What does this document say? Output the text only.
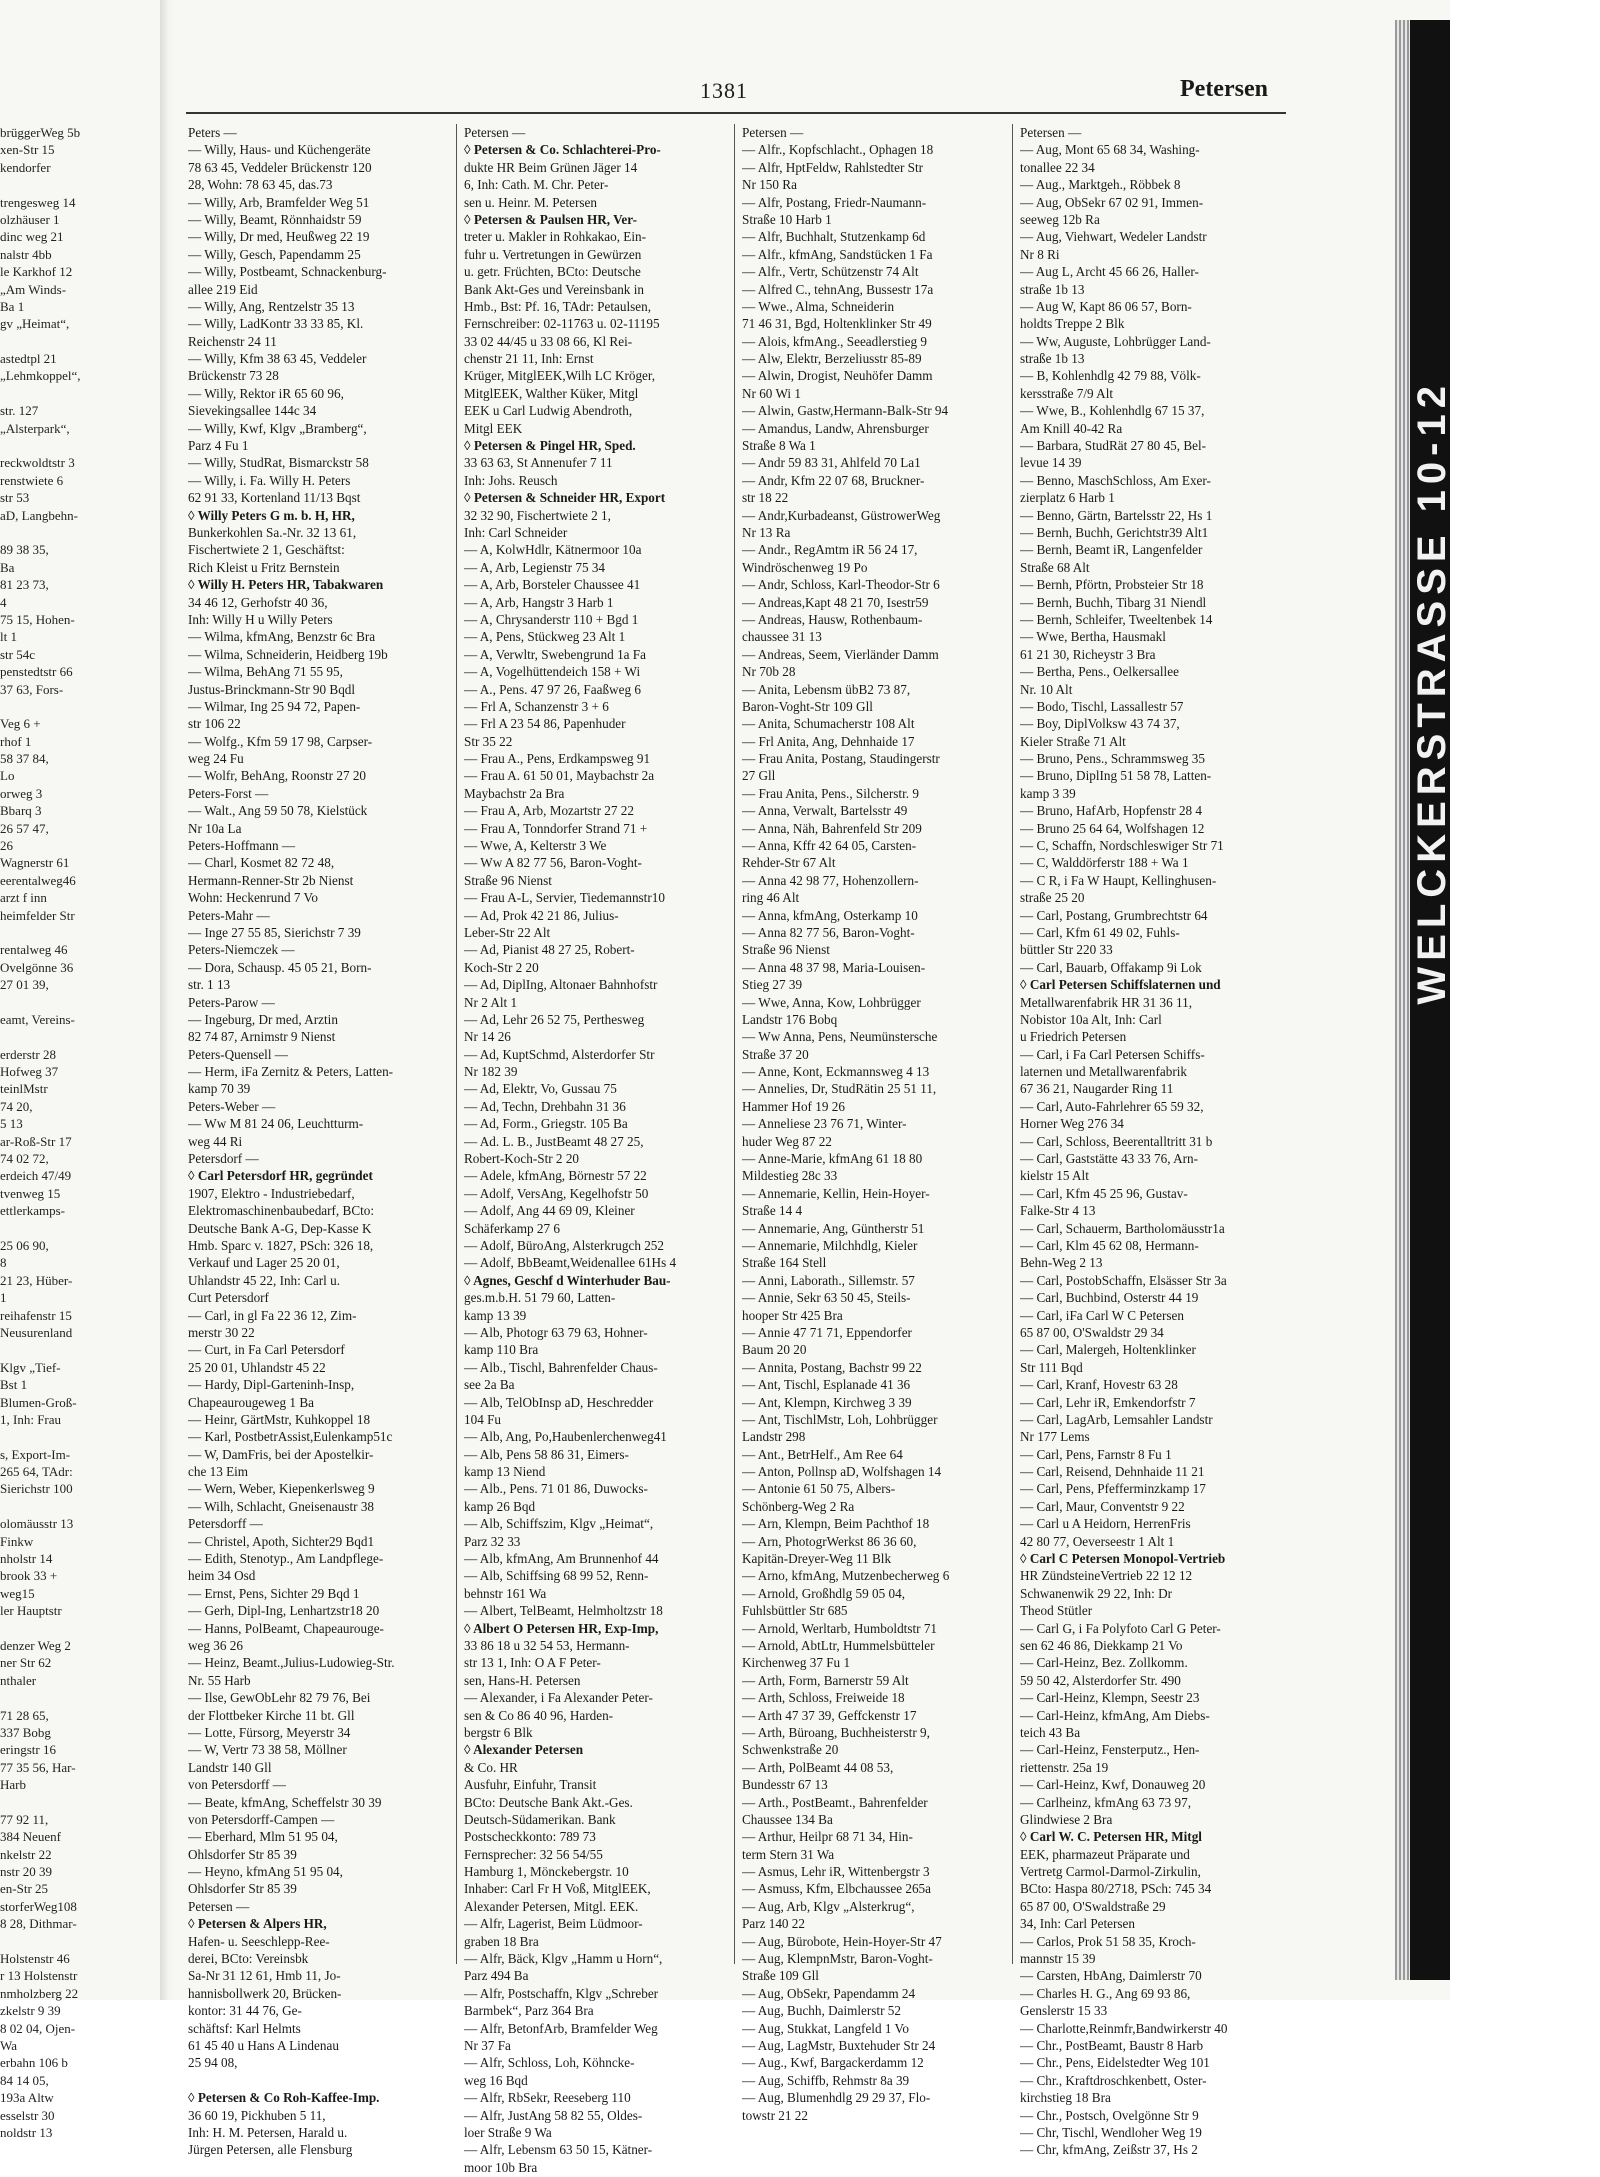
brüggerWeg 5b
xen-Str 15
kendorfer
trengesweg 14
olzhäuser 1
dinc weg 21
nalstr 4bb
le Karkhof 12
„Am Winds-
Ba 1
gv „Heimat“,
astedtpl 21
„Lehmkoppel“,
str. 127
„Alsterpark“,
reckwoldtstr 3
renstwiete 6
str 53
aD, Langbehn-
89 38 35,
Ba
81 23 73,
4
75 15, Hohen-
lt 1
str 54c
penstedtstr 66
37 63, Fors-
Veg 6 +
rhof 1
58 37 84,
Lo
orweg 3
Bbarq 3
26 57 47,
26
Wagnerstr 61
eerentalweg46
arzt f inn
heimfelder Str
rentalweg 46
Ovelgönne 36
27 01 39,
eamt, Vereins-
erderstr 28
Hofweg 37
teinlMstr
74 20,
5 13
ar-Roß-Str 17
74 02 72,
erdeich 47/49
tvenweg 15
ettlerkamps-
25 06 90,
8
21 23, Hüber-
1
reihafenstr 15
Neusurenland
Klgv „Tief-
Bst 1
Blumen-Groß-
1, Inh: Frau
s, Export-Im-
265 64, TAdr:
Sierichstr 100
olomäusstr 13
Finkw
nholstr 14
brook 33 +
weg15
ler Hauptstr
denzer Weg 2
ner Str 62
nthaler
71 28 65,
337 Bobg
eringstr 16
77 35 56, Har-
Harb
77 92 11,
384 Neuenf
nkelstr 22
nstr 20 39
en-Str 25
storferWeg108
8 28, Dithmar-
Holstenstr 46
r 13 Holstenstr
nmholzberg 22
zkelstr 9 39
8 02 04, Ojen-
Wa
erbahn 106 b
84 14 05,
193a Altw
esselstr 30
noldstr 13
1381	Petersen
Peters —
— Willy, Haus- und Küchengeräte
78 63 45, Veddeler Brückenstr 120
28, Wohn: 78 63 45, das.73
— Willy, Arb, Bramfelder Weg 51
— Willy, Beamt, Rönnhaidstr 59
— Willy, Dr med, Heußweg 22 19
— Willy, Gesch, Papendamm 25
— Willy, Postbeamt, Schnackenburg-
allee 219 Eid
— Willy, Ang, Rentzelstr 35 13
— Willy, LadKontr 33 33 85, Kl.
Reichenstr 24 11
— Willy, Kfm 38 63 45, Veddeler
Brückenstr 73 28
— Willy, Rektor iR 65 60 96,
Sievekingsallee 144c 34
— Willy, Kwf, Klgv „Bramberg“,
Parz 4 Fu 1
— Willy, StudRat, Bismarckstr 58
— Willy, i. Fa. Willy H. Peters
62 91 33, Kortenland 11/13 Bqst
◊ Willy Peters G m. b. H, HR,
Bunkerkohlen Sa.-Nr. 32 13 61,
Fischertwiete 2 1, Geschäftst:
Rich Kleist u Fritz Bernstein
◊ Willy H. Peters HR, Tabakwaren
34 46 12, Gerhofstr 40 36,
Inh: Willy H u Willy Peters
— Wilma, kfmAng, Benzstr 6c Bra
— Wilma, Schneiderin, Heidberg 19b
— Wilma, BehAng 71 55 95,
Justus-Brinckmann-Str 90 Bqdl
— Wilmar, Ing 25 94 72, Papen-
str 106 22
— Wolfg., Kfm 59 17 98, Carpser-
weg 24 Fu
— Wolfr, BehAng, Roonstr 27 20
Peters-Forst —
— Walt., Ang 59 50 78, Kielstück
Nr 10a La
Peters-Hoffmann —
— Charl, Kosmet 82 72 48,
Hermann-Renner-Str 2b Nienst
Wohn: Heckenrund 7 Vo
Peters-Mahr —
— Inge 27 55 85, Sierichstr 7 39
Peters-Niemczek —
— Dora, Schausp. 45 05 21, Born-
str. 1 13
Peters-Parow —
— Ingeburg, Dr med, Arztin
82 74 87, Arnimstr 9 Nienst
Peters-Quensell —
— Herm, iFa Zernitz & Peters, Latten-
kamp 70 39
Peters-Weber —
— Ww M 81 24 06, Leuchtturm-
weg 44 Ri
Petersdorf —
◊ Carl Petersdorf HR, gegründet
1907, Elektro - Industriebedarf,
Elektromaschinenbaubedarf, BCto:
Deutsche Bank A-G, Dep-Kasse K
Hmb. Sparc v. 1827, PSch: 326 18,
Verkauf und Lager 25 20 01,
Uhlandstr 45 22, Inh: Carl u.
Curt Petersdorf
— Carl, in gl Fa 22 36 12, Zim-
merstr 30 22
— Curt, in Fa Carl Petersdorf
25 20 01, Uhlandstr 45 22
— Hardy, Dipl-Garteninh-Insp,
Chapeaurougeweg 1 Ba
— Heinr, GärtMstr, Kuhkoppel 18
— Karl, PostbetrAssist,Eulenkamp51c
— W, DamFris, bei der Apostelkir-
che 13 Eim
— Wern, Weber, Kiepenkerlsweg 9
— Wilh, Schlacht, Gneisenaustr 38
Petersdorff —
— Christel, Apoth, Sichter29 Bqd1
— Edith, Stenotyp., Am Landpflege-
heim 34 Osd
— Ernst, Pens, Sichter 29 Bqd 1
— Gerh, Dipl-Ing, Lenhartzstr18 20
— Hanns, PolBeamt, Chapeaurouge-
weg 36 26
— Heinz, Beamt.,Julius-Ludowieg-Str.
Nr. 55 Harb
— Ilse, GewObLehr 82 79 76, Bei
der Flottbeker Kirche 11 bt. Gll
— Lotte, Fürsorg, Meyerstr 34
— W, Vertr 73 38 58, Möllner
Landstr 140 Gll
von Petersdorff —
— Beate, kfmAng, Scheffelstr 30 39
von Petersdorff-Campen —
— Eberhard, Mlm 51 95 04,
Ohlsdorfer Str 85 39
— Heyno, kfmAng 51 95 04,
Ohlsdorfer Str 85 39
Petersen —
◊ Petersen & Alpers HR,
Hafen- u. Seeschlepp-Ree-
derei, BCto: Vereinsbk
Sa-Nr 31 12 61, Hmb 11, Jo-
hannisbollwerk 20, Brücken-
kontor: 31 44 76, Ge-
schäftsf: Karl Helmts
61 45 40 u Hans A Lindenau
25 94 08,
◊ Petersen & Co Roh-Kaffee-Imp.
36 60 19, Pickhuben 5 11,
Inh: H. M. Petersen, Harald u.
Jürgen Petersen, alle Flensburg
Petersen —
◊ Petersen & Co. Schlachterei-Pro-
dukte HR Beim Grünen Jäger 14
6, Inh: Cath. M. Chr. Peter-
sen u. Heinr. M. Petersen
◊ Petersen & Paulsen HR, Ver-
treter u. Makler in Rohkakao, Ein-
fuhr u. Vertretungen in Gewürzen
u. getr. Früchten, BCto: Deutsche
Bank Akt-Ges und Vereinsbank in
Hmb., Bst: Pf. 16, TAdr: Petaulsen,
Fernschreiber: 02-11763 u. 02-11195
33 02 44/45 u 33 08 66, Kl Rei-
chenstr 21 11, Inh: Ernst
Krüger, MitglEEK,Wilh LC Kröger,
MitglEEK, Walther Küker, Mitgl
EEK u Carl Ludwig Abendroth,
Mitgl EEK
◊ Petersen & Pingel HR, Sped.
33 63 63, St Annenufer 7 11
Inh: Johs. Reusch
◊ Petersen & Schneider HR, Export
32 32 90, Fischertwiete 2 1,
Inh: Carl Schneider
— A, KolwHdlr, Kätnermoor 10a
— A, Arb, Legienstr 75 34
— A, Arb, Borsteler Chaussee 41
— A, Arb, Hangstr 3 Harb 1
— A, Chrysanderstr 110 + Bgd 1
— A, Pens, Stückweg 23 Alt 1
— A, Verwltr, Swebengrund 1a Fa
— A, Vogelhüttendeich 158 + Wi
— A., Pens. 47 97 26, Faaßweg 6
— Frl A, Schanzenstr 3 + 6
— Frl A 23 54 86, Papenhuder
Str 35 22
— Frau A., Pens, Erdkampsweg 91
— Frau A. 61 50 01, Maybachstr 2a
Maybachstr 2a Bra
— Frau A, Arb, Mozartstr 27 22
— Frau A, Tonndorfer Strand 71 +
— Wwe, A, Kelterstr 3 We
— Ww A 82 77 56, Baron-Voght-
Straße 96 Nienst
— Frau A-L, Servier, Tiedemannstr10
— Ad, Prok 42 21 86, Julius-
Leber-Str 22 Alt
— Ad, Pianist 48 27 25, Robert-
Koch-Str 2 20
— Ad, DiplIng, Altonaer Bahnhofstr
Nr 2 Alt 1
— Ad, Lehr 26 52 75, Perthesweg
Nr 14 26
— Ad, KuptSchmd, Alsterdorfer Str
Nr 182 39
— Ad, Elektr, Vo, Gussau 75
— Ad, Techn, Drehbahn 31 36
— Ad, Form., Griegstr. 105 Ba
— Ad. L. B., JustBeamt 48 27 25,
Robert-Koch-Str 2 20
— Adele, kfmAng, Börnestr 57 22
— Adolf, VersAng, Kegelhofstr 50
— Adolf, Ang 44 69 09, Kleiner
Schäferkamp 27 6
— Adolf, BüroAng, Alsterkrugch 252
— Adolf, BbBeamt,Weidenallee 61Hs 4
◊ Agnes, Geschf d Winterhuder Bau-
ges.m.b.H. 51 79 60, Latten-
kamp 13 39
— Alb, Photogr 63 79 63, Hohner-
kamp 110 Bra
— Alb., Tischl, Bahrenfelder Chaus-
see 2a Ba
— Alb, TelObInsp aD, Heschredder
104 Fu
— Alb, Ang, Po,Haubenlerchenweg41
— Alb, Pens 58 86 31, Eimers-
kamp 13 Niend
— Alb., Pens. 71 01 86, Duwocks-
kamp 26 Bqd
— Alb, Schiffszim, Klgv „Heimat“,
Parz 32 33
— Alb, kfmAng, Am Brunnenhof 44
— Alb, Schiffsing 68 99 52, Renn-
behnstr 161 Wa
— Albert, TelBeamt, Helmholtzstr 18
◊ Albert O Petersen HR, Exp-Imp,
33 86 18 u 32 54 53, Hermann-
str 13 1, Inh: O A F Peter-
sen, Hans-H. Petersen
— Alexander, i Fa Alexander Peter-
sen & Co 86 40 96, Harden-
bergstr 6 Blk
◊ Alexander Petersen
& Co. HR
Ausfuhr, Einfuhr, Transit
BCto: Deutsche Bank Akt.-Ges.
Deutsch-Südamerikan. Bank
Postscheckkonto: 789 73
Fernsprecher: 32 56 54/55
Hamburg 1, Mönckebergstr. 10
Inhaber: Carl Fr H Voß, MitglEEK,
Alexander Petersen, Mitgl. EEK.
— Alfr, Lagerist, Beim Lüdmoor-
graben 18 Bra
— Alfr, Bäck, Klgv „Hamm u Horn“,
Parz 494 Ba
— Alfr, Postschaffn, Klgv „Schreber
Barmbek“, Parz 364 Bra
— Alfr, BetonfArb, Bramfelder Weg
Nr 37 Fa
— Alfr, Schloss, Loh, Köhncke-
weg 16 Bqd
— Alfr, RbSekr, Reeseberg 110
— Alfr, JustAng 58 82 55, Oldes-
loer Straße 9 Wa
— Alfr, Lebensm 63 50 15, Kätner-
moor 10b Bra
Petersen —
— Alfr., Kopfschlacht., Ophagen 18
— Alfr, HptFeldw, Rahlstedter Str
Nr 150 Ra
— Alfr, Postang, Friedr-Naumann-
Straße 10 Harb 1
— Alfr, Buchhalt, Stutzenkamp 6d
— Alfr., kfmAng, Sandstücken 1 Fa
— Alfr., Vertr, Schützenstr 74 Alt
— Alfred C., tehnAng, Bussestr 17a
— Wwe., Alma, Schneiderin
71 46 31, Bgd, Holtenklinker Str 49
— Alois, kfmAng., Seeadlerstieg 9
— Alw, Elektr, Berzeliusstr 85-89
— Alwin, Drogist, Neuhöfer Damm
Nr 60 Wi 1
— Alwin, Gastw,Hermann-Balk-Str 94
— Amandus, Landw, Ahrensburger
Straße 8 Wa 1
— Andr 59 83 31, Ahlfeld 70 La1
— Andr, Kfm 22 07 68, Bruckner-
str 18 22
— Andr,Kurbadeanst, GüstrowerWeg
Nr 13 Ra
— Andr., RegAmtm iR 56 24 17,
Windröschenweg 19 Po
— Andr, Schloss, Karl-Theodor-Str 6
— Andreas,Kapt 48 21 70, Isestr59
— Andreas, Hausw, Rothenbaum-
chaussee 31 13
— Andreas, Seem, Vierländer Damm
Nr 70b 28
— Anita, Lebensm übB2 73 87,
Baron-Voght-Str 109 Gll
— Anita, Schumacherstr 108 Alt
— Frl Anita, Ang, Dehnhaide 17
— Frau Anita, Postang, Staudingerstr
27 Gll
— Frau Anita, Pens., Silcherstr. 9
— Anna, Verwalt, Bartelsstr 49
— Anna, Näh, Bahrenfeld Str 209
— Anna, Kffr 42 64 05, Carsten-
Rehder-Str 67 Alt
— Anna 42 98 77, Hohenzollern-
ring 46 Alt
— Anna, kfmAng, Osterkamp 10
— Anna 82 77 56, Baron-Voght-
Straße 96 Nienst
— Anna 48 37 98, Maria-Louisen-
Stieg 27 39
— Wwe, Anna, Kow, Lohbrügger
Landstr 176 Bobq
— Ww Anna, Pens, Neumünstersche
Straße 37 20
— Anne, Kont, Eckmannsweg 4 13
— Annelies, Dr, StudRätin 25 51 11,
Hammer Hof 19 26
— Anneliese 23 76 71, Winter-
huder Weg 87 22
— Anne-Marie, kfmAng 61 18 80
Mildestieg 28c 33
— Annemarie, Kellin, Hein-Hoyer-
Straße 14 4
— Annemarie, Ang, Güntherstr 51
— Annemarie, Milchhdlg, Kieler
Straße 164 Stell
— Anni, Laborath., Sillemstr. 57
— Annie, Sekr 63 50 45, Steils-
hooper Str 425 Bra
— Annie 47 71 71, Eppendorfer
Baum 20 20
— Annita, Postang, Bachstr 99 22
— Ant, Tischl, Esplanade 41 36
— Ant, Klempn, Kirchweg 3 39
— Ant, TischlMstr, Loh, Lohbrügger
Landstr 298
— Ant., BetrHelf., Am Ree 64
— Anton, Pollnsp aD, Wolfshagen 14
— Antonie 61 50 75, Albers-
Schönberg-Weg 2 Ra
— Arn, Klempn, Beim Pachthof 18
— Arn, PhotogrWerkst 86 36 60,
Kapitän-Dreyer-Weg 11 Blk
— Arno, kfmAng, Mutzenbecherweg 6
— Arnold, Großhdlg 59 05 04,
Fuhlsbüttler Str 685
— Arnold, Werltarb, Humboldtstr 71
— Arnold, AbtLtr, Hummelsbütteler
Kirchenweg 37 Fu 1
— Arth, Form, Barnerstr 59 Alt
— Arth, Schloss, Freiweide 18
— Arth 47 37 39, Geffckenstr 17
— Arth, Büroang, Buchheisterstr 9,
Schwenkstraße 20
— Arth, PolBeamt 44 08 53,
Bundesstr 67 13
— Arth., PostBeamt., Bahrenfelder
Chaussee 134 Ba
— Arthur, Heilpr 68 71 34, Hin-
term Stern 31 Wa
— Asmus, Lehr iR, Wittenbergstr 3
— Asmuss, Kfm, Elbchaussee 265a
— Aug, Arb, Klgv „Alsterkrug“,
Parz 140 22
— Aug, Bürobote, Hein-Hoyer-Str 47
— Aug, KlempnMstr, Baron-Voght-
Straße 109 Gll
— Aug, ObSekr, Papendamm 24
— Aug, Buchh, Daimlerstr 52
— Aug, Stukkat, Langfeld 1 Vo
— Aug, LagMstr, Buxtehuder Str 24
— Aug., Kwf, Bargackerdamm 12
— Aug, Schiffb, Rehmstr 8a 39
— Aug, Blumenhdlg 29 29 37, Flo-
towstr 21 22
Petersen —
— Aug, Mont 65 68 34, Washing-
tonallee 22 34
— Aug., Marktgeh., Röbbek 8
— Aug, ObSekr 67 02 91, Immen-
seeweg 12b Ra
— Aug, Viehwart, Wedeler Landstr
Nr 8 Ri
— Aug L, Archt 45 66 26, Haller-
straße 1b 13
— Aug W, Kapt 86 06 57, Born-
holdts Treppe 2 Blk
— Ww, Auguste, Lohbrügger Land-
straße 1b 13
— B, Kohlenhdlg 42 79 88, Völk-
kersstraße 7/9 Alt
— Wwe, B., Kohlenhdlg 67 15 37,
Am Knill 40-42 Ra
— Barbara, StudRät 27 80 45, Bel-
levue 14 39
— Benno, MaschSchloss, Am Exer-
zierplatz 6 Harb 1
— Benno, Gärtn, Bartelsstr 22, Hs 1
— Bernh, Buchh, Gerichtstr39 Alt1
— Bernh, Beamt iR, Langenfelder
Straße 68 Alt
— Bernh, Pförtn, Probsteier Str 18
— Bernh, Buchh, Tibarg 31 Niendl
— Bernh, Schleifer, Tweeltenbek 14
— Wwe, Bertha, Hausmakl
61 21 30, Richeystr 3 Bra
— Bertha, Pens., Oelkersallee
Nr. 10 Alt
— Bodo, Tischl, Lassallestr 57
— Boy, DiplVolksw 43 74 37,
Kieler Straße 71 Alt
— Bruno, Pens., Schrammsweg 35
— Bruno, DiplIng 51 58 78, Latten-
kamp 3 39
— Bruno, HafArb, Hopfenstr 28 4
— Bruno 25 64 64, Wolfshagen 12
— C, Schaffn, Nordschleswiger Str 71
— C, Walddörferstr 188 + Wa 1
— C R, i Fa W Haupt, Kellinghusen-
straße 25 20
— Carl, Postang, Grumbrechtstr 64
— Carl, Kfm 61 49 02, Fuhls-
büttler Str 220 33
— Carl, Bauarb, Offakamp 9i Lok
◊ Carl Petersen Schiffslaternen und
Metallwarenfabrik HR 31 36 11,
Nobistor 10a Alt, Inh: Carl
u Friedrich Petersen
— Carl, i Fa Carl Petersen Schiffs-
laternen und Metallwarenfabrik
67 36 21, Naugarder Ring 11
— Carl, Auto-Fahrlehrer 65 59 32,
Horner Weg 276 34
— Carl, Schloss, Beerentalltritt 31 b
— Carl, Gaststätte 43 33 76, Arn-
kielstr 15 Alt
— Carl, Kfm 45 25 96, Gustav-
Falke-Str 4 13
— Carl, Schauerm, Bartholomäusstr1a
— Carl, Klm 45 62 08, Hermann-
Behn-Weg 2 13
— Carl, PostobSchaffn, Elsässer Str 3a
— Carl, Buchbind, Osterstr 44 19
— Carl, iFa Carl W C Petersen
65 87 00, O'Swaldstr 29 34
— Carl, Malergeh, Holtenklinker
Str 111 Bqd
— Carl, Kranf, Hovestr 63 28
— Carl, Lehr iR, Emkendorfstr 7
— Carl, LagArb, Lemsahler Landstr
Nr 177 Lems
— Carl, Pens, Farnstr 8 Fu 1
— Carl, Reisend, Dehnhaide 11 21
— Carl, Pens, Pfefferminzkamp 17
— Carl, Maur, Conventstr 9 22
— Carl u A Heidorn, HerrenFris
42 80 77, Oeverseestr 1 Alt 1
◊ Carl C Petersen Monopol-Vertrieb
HR ZündsteineVertrieb 22 12 12
Schwanenwik 29 22, Inh: Dr
Theod Stütler
— Carl G, i Fa Polyfoto Carl G Peter-
sen 62 46 86, Diekkamp 21 Vo
— Carl-Heinz, Bez. Zollkomm.
59 50 42, Alsterdorfer Str. 490
— Carl-Heinz, Klempn, Seestr 23
— Carl-Heinz, kfmAng, Am Diebs-
teich 43 Ba
— Carl-Heinz, Fensterputz., Hen-
riettenstr. 25a 19
— Carl-Heinz, Kwf, Donauweg 20
— Carlheinz, kfmAng 63 73 97,
Glindwiese 2 Bra
◊ Carl W. C. Petersen HR, Mitgl
EEK, pharmazeut Präparate und
Vertretg Carmol-Darmol-Zirkulin,
BCto: Haspa 80/2718, PSch: 745 34
65 87 00, O'Swaldstraße 29
34, Inh: Carl Petersen
— Carlos, Prok 51 58 35, Kroch-
mannstr 15 39
— Carsten, HbAng, Daimlerstr 70
— Charles H. G., Ang 69 93 86,
Genslerstr 15 33
— Charlotte,Reinmfr,Bandwirkerstr 40
— Chr., PostBeamt, Baustr 8 Harb
— Chr., Pens, Eidelstedter Weg 101
— Chr., Kraftdroschkenbett, Oster-
kirchstieg 18 Bra
— Chr., Postsch, Ovelgönne Str 9
— Chr, Tischl, Wendloher Weg 19
— Chr, kfmAng, Zeißstr 37, Hs 2
WELCKERSTRASSE 10-12
